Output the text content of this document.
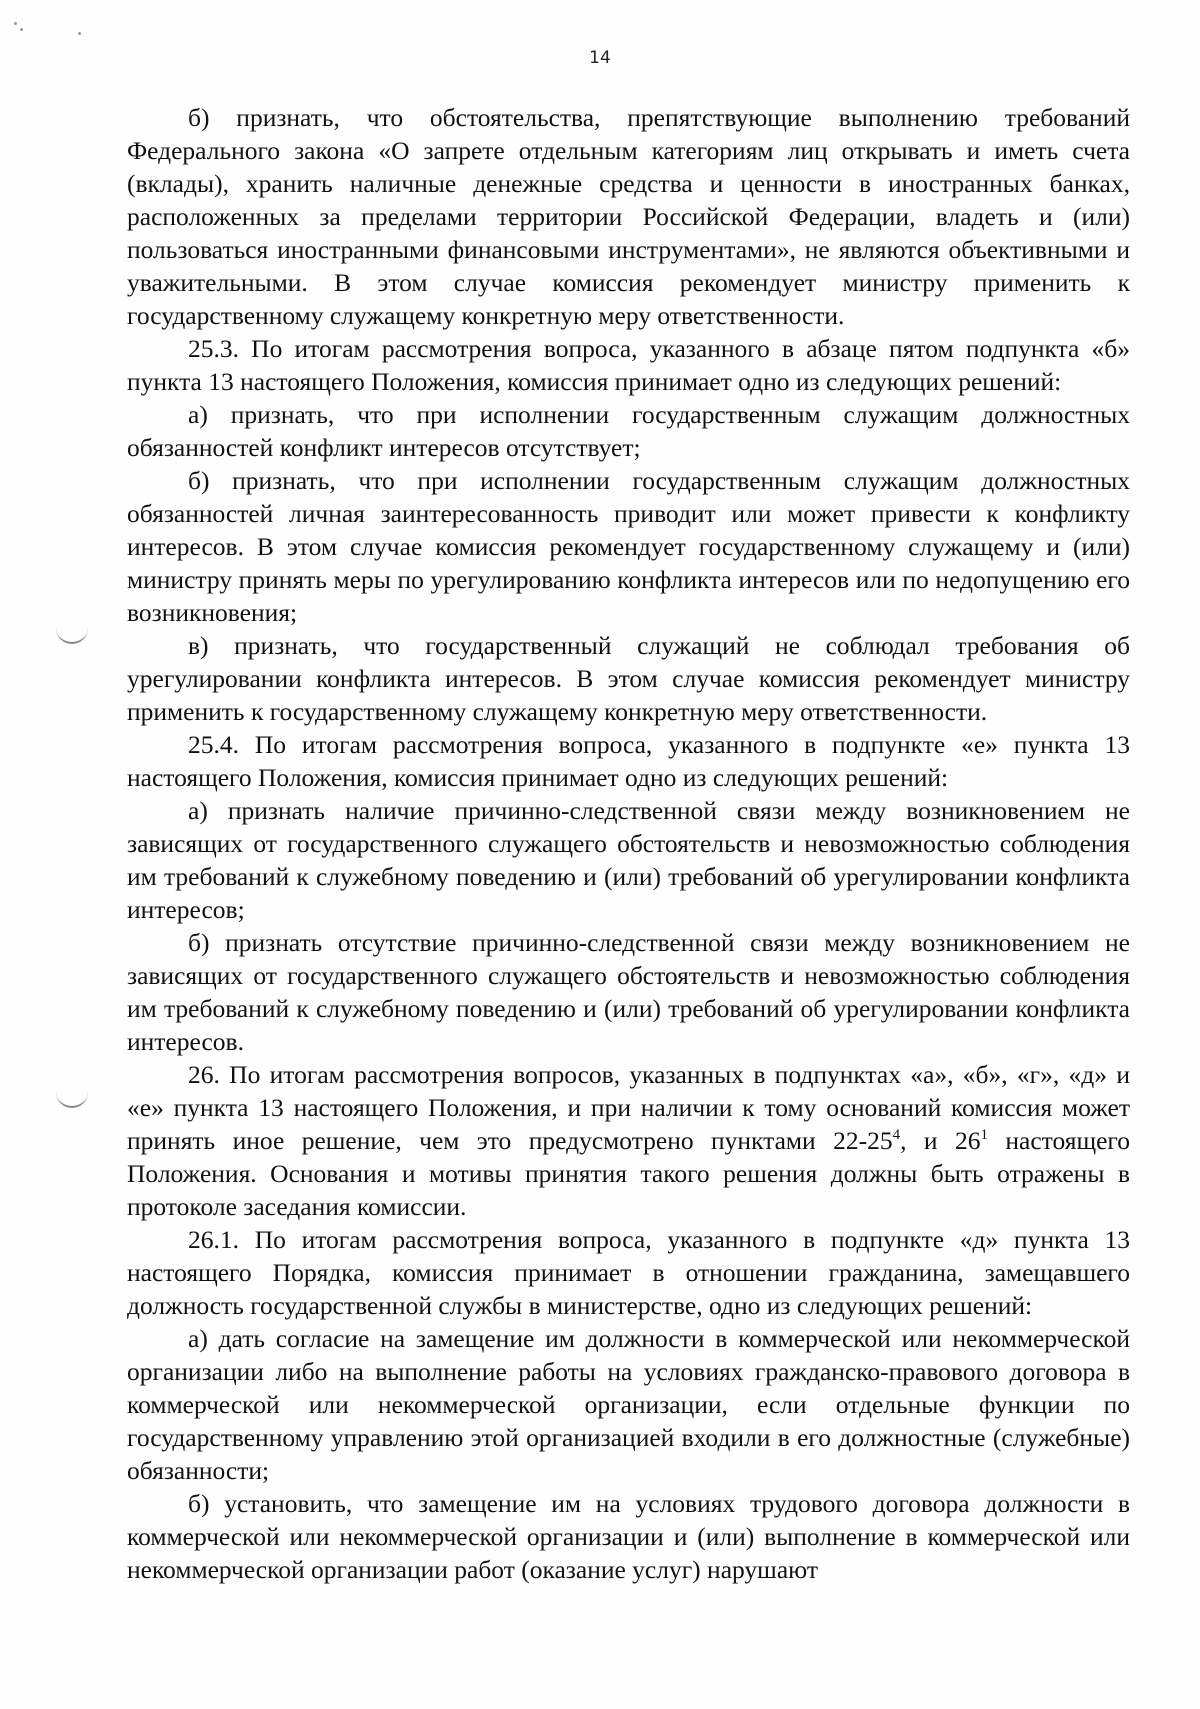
14

б) признать, что обстоятельства, препятствующие выполнению требований Федерального закона «О запрете отдельным категориям лиц открывать и иметь счета (вклады), хранить наличные денежные средства и ценности в иностранных банках, расположенных за пределами территории Российской Федерации, владеть и (или) пользоваться иностранными финансовыми инструментами», не являются объективными и уважительными. В этом случае комиссия рекомендует министру применить к государственному служащему конкретную меру ответственности.

25.3. По итогам рассмотрения вопроса, указанного в абзаце пятом подпункта «б» пункта 13 настоящего Положения, комиссия принимает одно из следующих решений:

а) признать, что при исполнении государственным служащим должностных обязанностей конфликт интересов отсутствует;

б) признать, что при исполнении государственным служащим должностных обязанностей личная заинтересованность приводит или может привести к конфликту интересов. В этом случае комиссия рекомендует государственному служащему и (или) министру принять меры по урегулированию конфликта интересов или по недопущению его возникновения;

в) признать, что государственный служащий не соблюдал требования об урегулировании конфликта интересов. В этом случае комиссия рекомендует министру применить к государственному служащему конкретную меру ответственности.

25.4. По итогам рассмотрения вопроса, указанного в подпункте «е» пункта 13 настоящего Положения, комиссия принимает одно из следующих решений:

а) признать наличие причинно-следственной связи между возникновением не зависящих от государственного служащего обстоятельств и невозможностью соблюдения им требований к служебному поведению и (или) требований об урегулировании конфликта интересов;

б) признать отсутствие причинно-следственной связи между возникновением не зависящих от государственного служащего обстоятельств и невозможностью соблюдения им требований к служебному поведению и (или) требований об урегулировании конфликта интересов.

26. По итогам рассмотрения вопросов, указанных в подпунктах «а», «б», «г», «д» и «е» пункта 13 настоящего Положения, и при наличии к тому оснований комиссия может принять иное решение, чем это предусмотрено пунктами $22-25^4$, и $26^1$ настоящего Положения. Основания и мотивы принятия такого решения должны быть отражены в протоколе заседания комиссии.

26.1. По итогам рассмотрения вопроса, указанного в подпункте «д» пункта 13 настоящего Порядка, комиссия принимает в отношении гражданина, замещавшего должность государственной службы в министерстве, одно из следующих решений:

а) дать согласие на замещение им должности в коммерческой или некоммерческой организации либо на выполнение работы на условиях гражданско-правового договора в коммерческой или некоммерческой организации, если отдельные функции по государственному управлению этой организацией входили в его должностные (служебные) обязанности;

б) установить, что замещение им на условиях трудового договора должности в коммерческой или некоммерческой организации и (или) выполнение в коммерческой или некоммерческой организации работ (оказание услуг) нарушают
